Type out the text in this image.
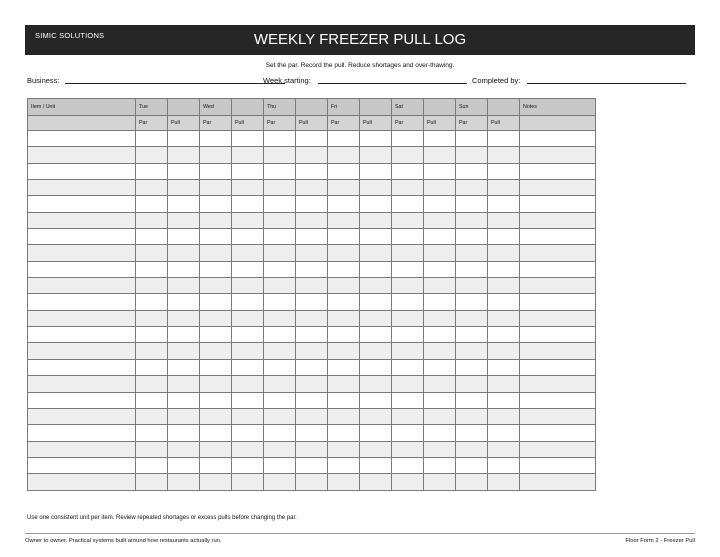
SIMIC SOLUTIONS	WEEKLY FREEZER PULL LOG
Set the par. Record the pull. Reduce shortages and over-thawing.
Business:	Week starting:	Completed by:
Item / Unit	Tue		Wed		Thu		Fri		Sat		Sun		Notes
	Par	Pull	Par	Pull	Par	Pull	Par	Pull	Par	Pull	Par	Pull	

Use one consistent unit per item. Review repeated shortages or excess pulls before changing the par.
Owner to owner. Practical systems built around how restaurants actually run.	Floor Form 2 - Freezer Pull
